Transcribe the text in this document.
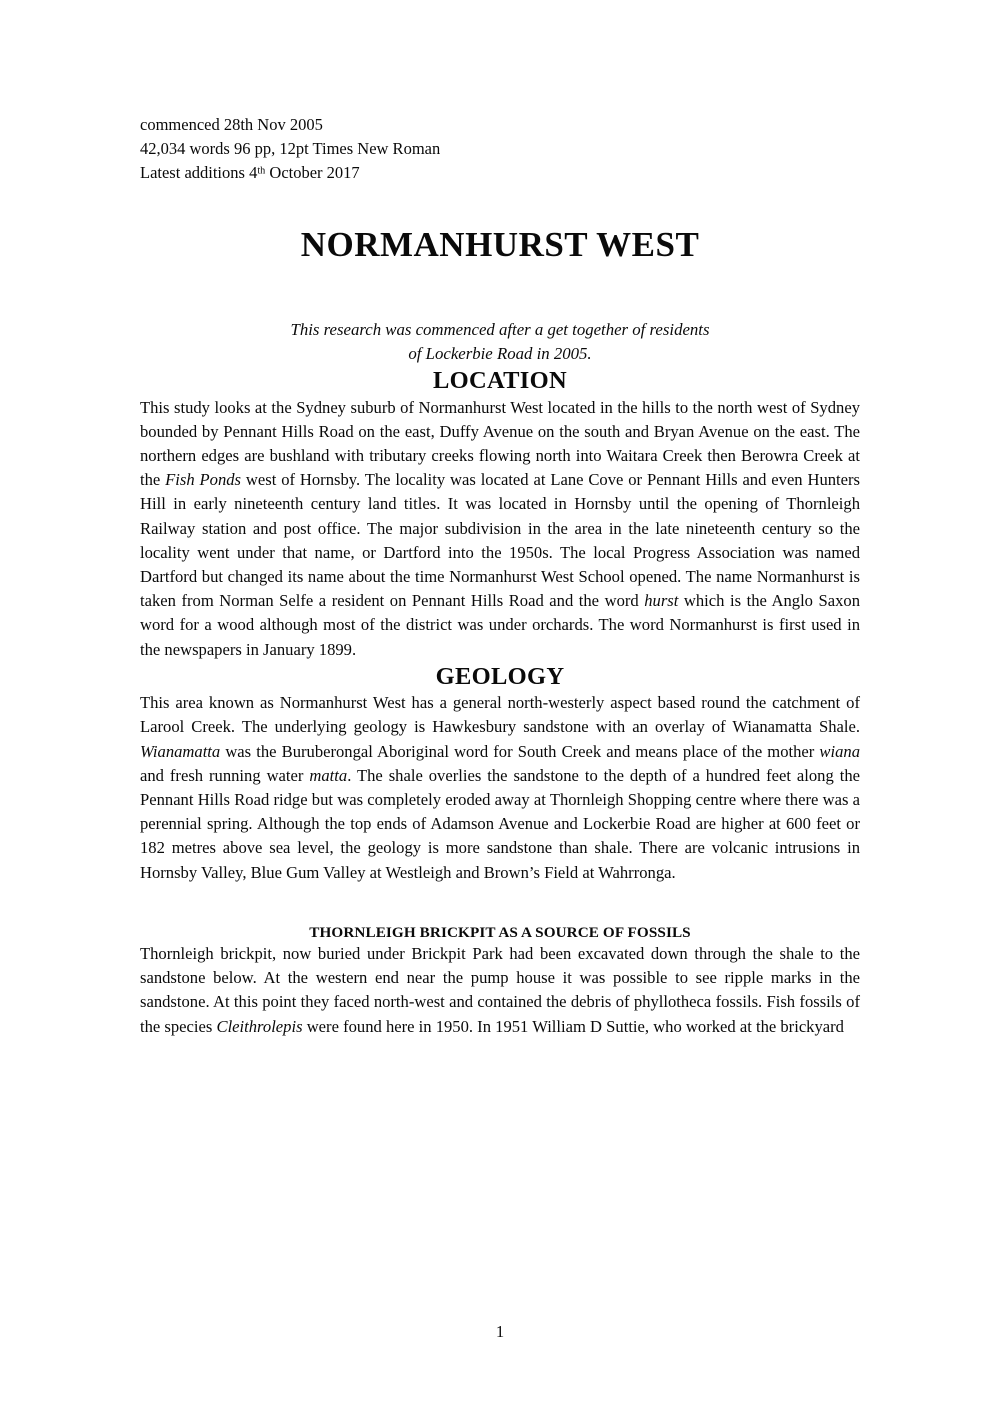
commenced 28th Nov 2005
42,034 words 96 pp, 12pt Times New Roman
Latest additions 4th October 2017
NORMANHURST WEST
This research was commenced after a get together of residents
of Lockerbie Road in 2005.
LOCATION

This study looks at the Sydney suburb of Normanhurst West located in the hills to the north west of Sydney bounded by Pennant Hills Road on the east, Duffy Avenue on the south and Bryan Avenue on the east. The northern edges are bushland with tributary creeks flowing north into Waitara Creek then Berowra Creek at the Fish Ponds west of Hornsby. The locality was located at Lane Cove or Pennant Hills and even Hunters Hill in early nineteenth century land titles. It was located in Hornsby until the opening of Thornleigh Railway station and post office. The major subdivision in the area in the late nineteenth century so the locality went under that name, or Dartford into the 1950s. The local Progress Association was named Dartford but changed its name about the time Normanhurst West School opened. The name Normanhurst is taken from Norman Selfe a resident on Pennant Hills Road and the word hurst which is the Anglo Saxon word for a wood although most of the district was under orchards. The word Normanhurst is first used in the newspapers in January 1899.

GEOLOGY

This area known as Normanhurst West has a general north-westerly aspect based round the catchment of Larool Creek. The underlying geology is Hawkesbury sandstone with an overlay of Wianamatta Shale. Wianamatta was the Buruberongal Aboriginal word for South Creek and means place of the mother wiana and fresh running water matta. The shale overlies the sandstone to the depth of a hundred feet along the Pennant Hills Road ridge but was completely eroded away at Thornleigh Shopping centre where there was a perennial spring. Although the top ends of Adamson Avenue and Lockerbie Road are higher at 600 feet or 182 metres above sea level, the geology is more sandstone than shale. There are volcanic intrusions in Hornsby Valley, Blue Gum Valley at Westleigh and Brown’s Field at Wahrronga.

THORNLEIGH BRICKPIT AS A SOURCE OF FOSSILS

Thornleigh brickpit, now buried under Brickpit Park had been excavated down through the shale to the sandstone below. At the western end near the pump house it was possible to see ripple marks in the sandstone. At this point they faced north-west and contained the debris of phyllotheca fossils. Fish fossils of the species Cleithrolepis were found here in 1950. In 1951 William D Suttie, who worked at the brickyard

1
